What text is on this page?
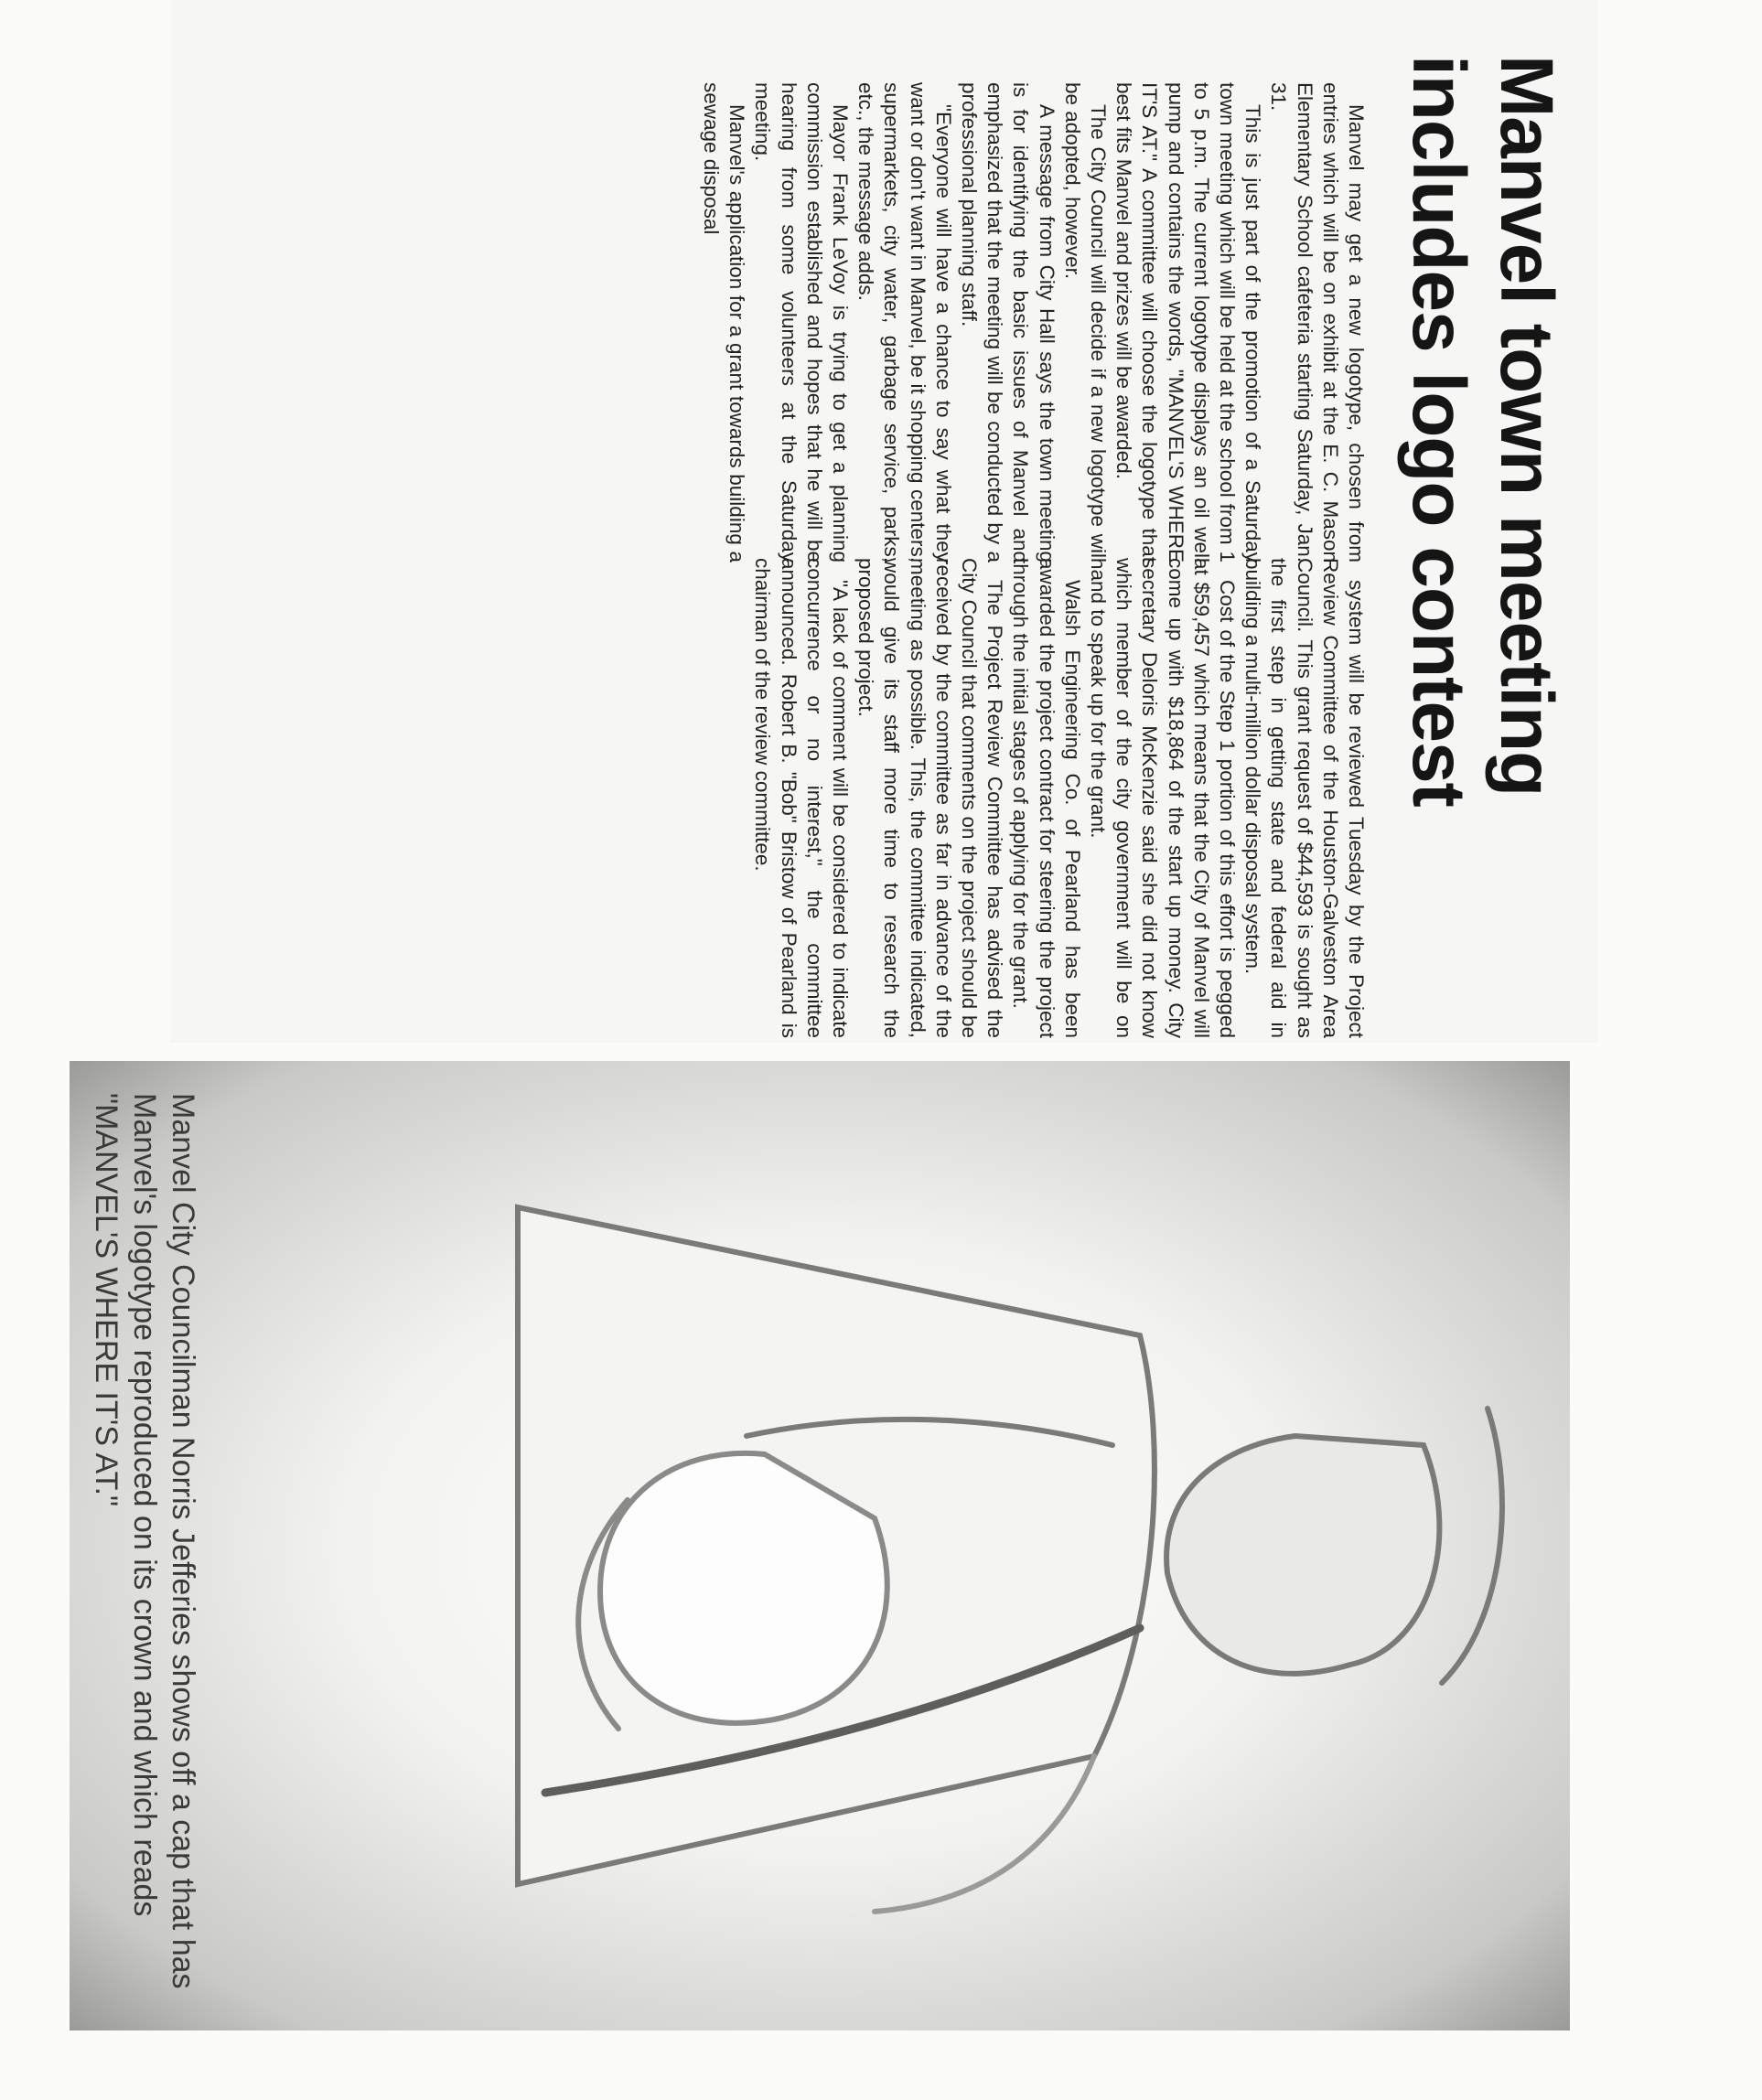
Manvel town meeting includes logo contest

Manvel may get a new logotype, chosen from entries which will be on exhibit at the E. C. Mason Elementary School cafeteria starting Saturday, Jan. 31.

This is just part of the promotion of a Saturday town meeting which will be held at the school from 1 to 5 p.m. The current logotype displays an oil well pump and contains the words, "MANVEL'S WHERE IT'S AT." A committee will choose the logotype that best fits Manvel and prizes will be awarded.

The City Council will decide if a new logotype will be adopted, however.

A message from City Hall says the town meeting is for identifying the basic issues of Manvel and emphasized that the meeting will be conducted by a professional planning staff.

"Everyone will have a chance to say what they want or don't want in Manvel, be it shopping centers, supermarkets, city water, garbage service, parks, etc., the message adds.

Mayor Frank LeVoy is trying to get a planning commission established and hopes that he will be hearing from some volunteers at the Saturday meeting.

Manvel's application for a grant towards building a sewage disposal

system will be reviewed Tuesday by the Project Review Committee of the Houston-Galveston Area Council. This grant request of $44,593 is sought as the first step in getting state and federal aid in building a multi-million dollar disposal system.

Cost of the Step 1 portion of this effort is pegged at $59,457 which means that the City of Manvel will come up with $18,864 of the start up money. City secretary Deloris McKenzie said she did not know which member of the city government will be on hand to speak up for the grant.

Walsh Engineering Co. of Pearland has been awarded the project contract for steering the project through the initial stages of applying for the grant.

The Project Review Committee has advised the City Council that comments on the project should be received by the committee as far in advance of the meeting as possible. This, the committee indicated, would give its staff more time to research the proposed project.

"A lack of comment will be considered to indicate concurrence or no interest," the committee announced. Robert B. "Bob" Bristow of Pearland is chairman of the review committee.

Manvel City Councilman Norris Jefferies shows off a cap that has Manvel's logotype reproduced on its crown and which reads "MANVEL'S WHERE IT'S AT."
